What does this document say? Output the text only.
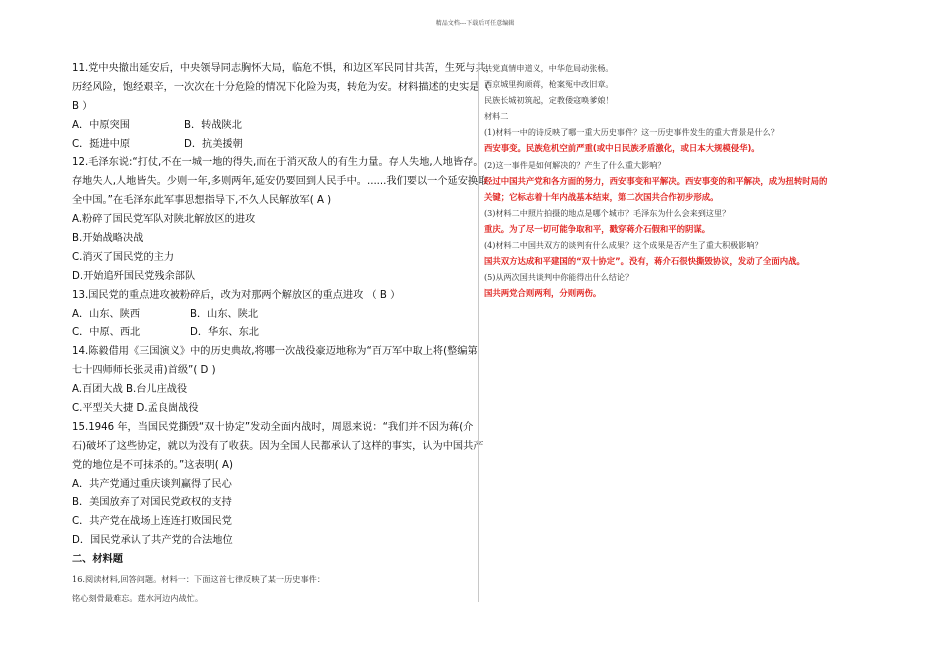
精品文档---下载后可任意编辑
11.党中央撤出延安后，中央领导同志胸怀大局，临危不惧，和边区军民同甘共苦，生死与共，
历经风险，饱经艰辛，一次次在十分危险的情况下化险为夷，转危为安。材料描述的史实是（
B ）
A．中原突围	B．转战陕北
C．挺进中原	D．抗美援朝
12.毛泽东说:“打仗,不在一城一地的得失,而在于消灭敌人的有生力量。存人失地,人地皆存。
存地失人,人地皆失。少则一年,多则两年,延安仍要回到人民手中。......我们要以一个延安换取
全中国。”在毛泽东此军事思想指导下,不久人民解放军( A )
A.粉碎了国民党军队对陕北解放区的进攻
B.开始战略决战
C.消灭了国民党的主力
D.开始追歼国民党残余部队
13.国民党的重点进攻被粉碎后，改为对那两个解放区的重点进攻 （ B ）
A．山东、陕西	B．山东、陕北
C．中原、西北	D．华东、东北
14.陈毅借用《三国演义》中的历史典故,将哪一次战役豪迈地称为“百万军中取上将(整编第
七十四师师长张灵甫)首级”( D )
A.百团大战 B.台儿庄战役
C.平型关大捷 D.孟良崮战役
15.1946 年，当国民党撕毁“双十协定”发动全面内战时，周恩来说：“我们并不因为蒋(介
石)破坏了这些协定，就以为没有了收获。因为全国人民都承认了这样的事实，认为中国共产
党的地位是不可抹杀的。”这表明( A)
A．共产党通过重庆谈判赢得了民心
B．美国放弃了对国民党政权的支持
C．共产党在战场上连连打败国民党
D．国民党承认了共产党的合法地位
二、材料题
16.阅读材料,回答问题。材料一：下面这首七律反映了某一历史事件：
铭心刻骨最难忘。莛水河边内战忙。
共党真情申道义，中华危局动张杨。
西京城里拘顽蒋，枪案冤中改旧章。
民族长城初筑起，定教倭寇唤爹娘！
材料二
(1)材料一中的诗反映了哪一重大历史事件？这一历史事件发生的重大背景是什么？
西安事变。民族危机空前严重(或中日民族矛盾激化，或日本大规模侵华)。
(2)这一事件是如何解决的？产生了什么重大影响？
经过中国共产党和各方面的努力，西安事变和平解决。西安事变的和平解决，成为扭转时局的
关键；它标志着十年内战基本结束，第二次国共合作初步形成。
(3)材料二中照片拍摄的地点是哪个城市？毛泽东为什么会来到这里？
重庆。为了尽一切可能争取和平，戳穿蒋介石假和平的阴谋。
(4)材料二中国共双方的谈判有什么成果？这个成果是否产生了重大积极影响？
国共双方达成和平建国的“双十协定”。没有，蒋介石很快撕毁协议，发动了全面内战。
(5)从两次国共谈判中你能得出什么结论？
国共两党合则两利，分则两伤。
